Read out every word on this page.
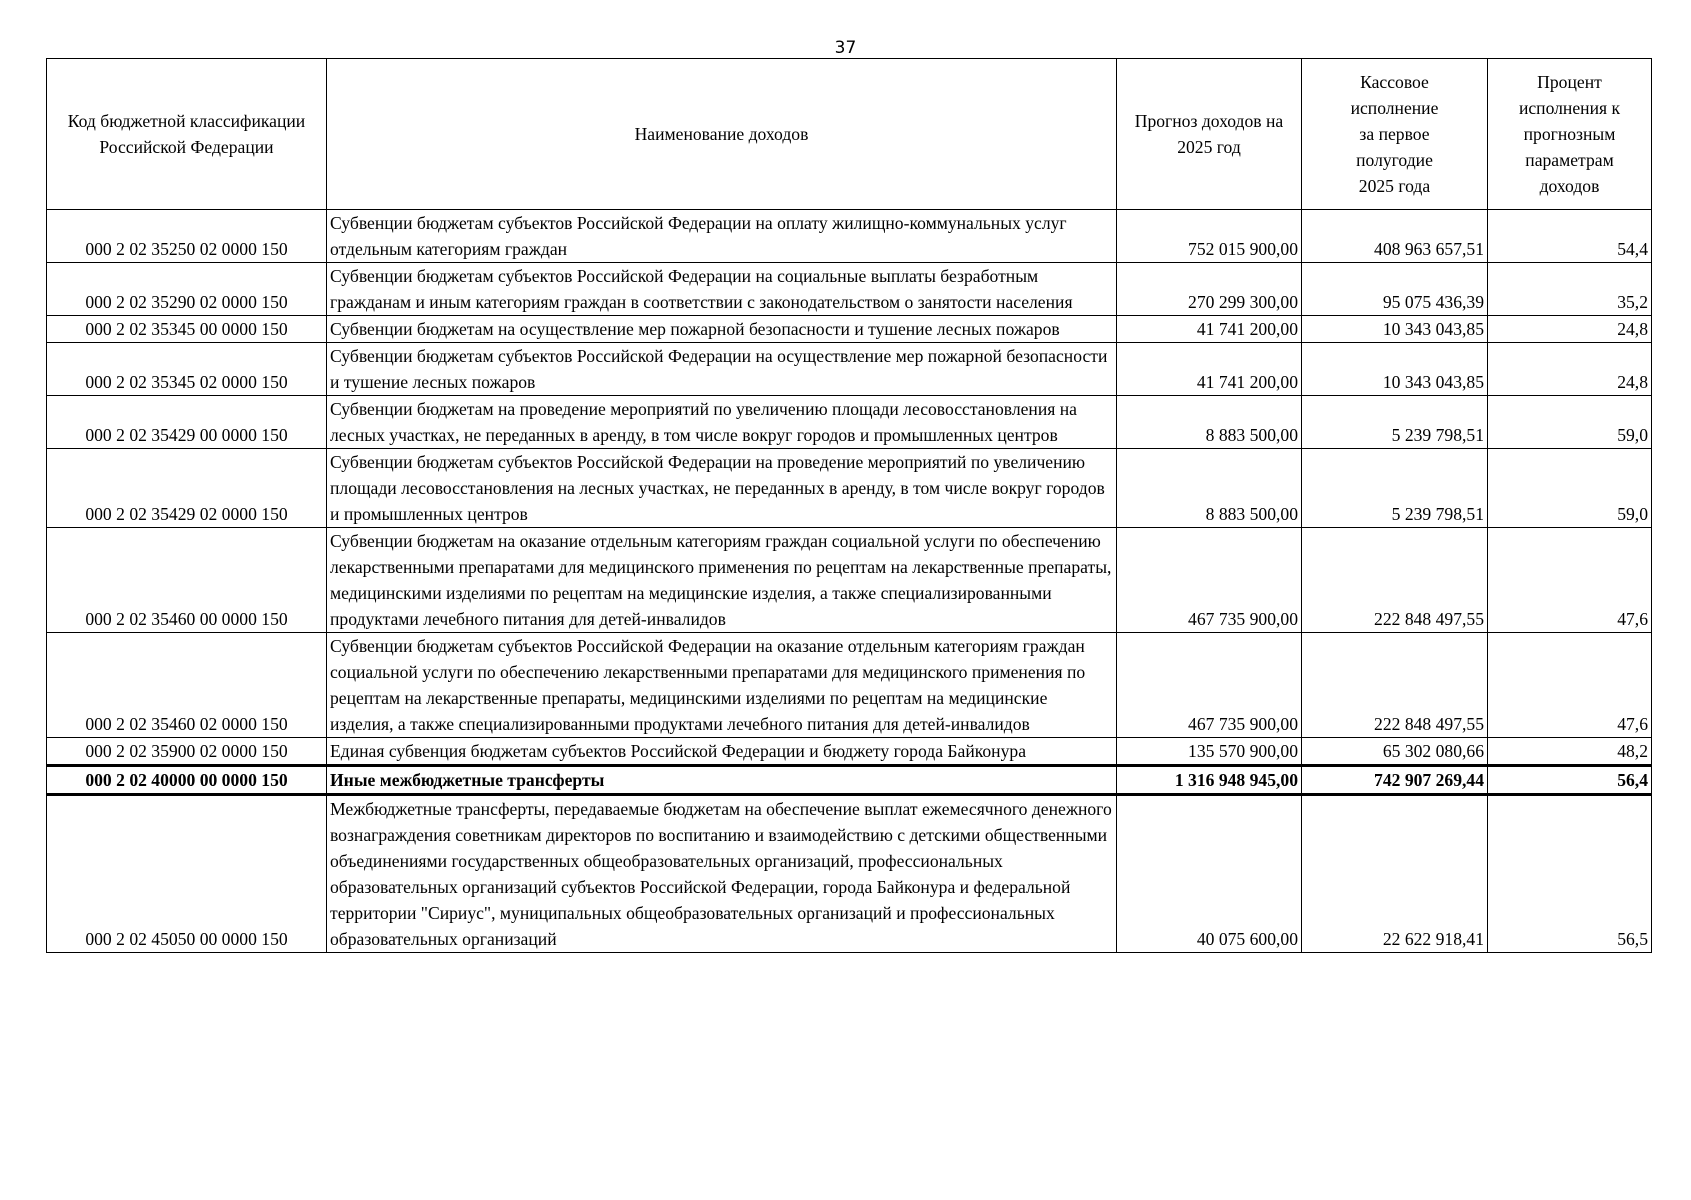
37
Код бюджетной классификации Российской Федерации	Наименование доходов	Прогноз доходов на 2025 год	Кассовое исполнение за первое полугодие 2025 года	Процент исполнения к прогнозным параметрам доходов
000 2 02 35250 02 0000 150	Субвенции бюджетам субъектов Российской Федерации на оплату жилищно-коммунальных услуг отдельным категориям граждан	752 015 900,00	408 963 657,51	54,4
000 2 02 35290 02 0000 150	Субвенции бюджетам субъектов Российской Федерации на социальные выплаты безработным гражданам и иным категориям граждан в соответствии с законодательством о занятости населения	270 299 300,00	95 075 436,39	35,2
000 2 02 35345 00 0000 150	Субвенции бюджетам на осуществление мер пожарной безопасности и тушение лесных пожаров	41 741 200,00	10 343 043,85	24,8
000 2 02 35345 02 0000 150	Субвенции бюджетам субъектов Российской Федерации на осуществление мер пожарной безопасности и тушение лесных пожаров	41 741 200,00	10 343 043,85	24,8
000 2 02 35429 00 0000 150	Субвенции бюджетам на проведение мероприятий по увеличению площади лесовосстановления на лесных участках, не переданных в аренду, в том числе вокруг городов и промышленных центров	8 883 500,00	5 239 798,51	59,0
000 2 02 35429 02 0000 150	Субвенции бюджетам субъектов Российской Федерации на проведение мероприятий по увеличению площади лесовосстановления на лесных участках, не переданных в аренду, в том числе вокруг городов и промышленных центров	8 883 500,00	5 239 798,51	59,0
000 2 02 35460 00 0000 150	Субвенции бюджетам на оказание отдельным категориям граждан социальной услуги по обеспечению лекарственными препаратами для медицинского применения по рецептам на лекарственные препараты, медицинскими изделиями по рецептам на медицинские изделия, а также специализированными продуктами лечебного питания для детей-инвалидов	467 735 900,00	222 848 497,55	47,6
000 2 02 35460 02 0000 150	Субвенции бюджетам субъектов Российской Федерации на оказание отдельным категориям граждан социальной услуги по обеспечению лекарственными препаратами для медицинского применения по рецептам на лекарственные препараты, медицинскими изделиями по рецептам на медицинские изделия, а также специализированными продуктами лечебного питания для детей-инвалидов	467 735 900,00	222 848 497,55	47,6
000 2 02 35900 02 0000 150	Единая субвенция бюджетам субъектов Российской Федерации и бюджету города Байконура	135 570 900,00	65 302 080,66	48,2
000 2 02 40000 00 0000 150	Иные межбюджетные трансферты	1 316 948 945,00	742 907 269,44	56,4
000 2 02 45050 00 0000 150	Межбюджетные трансферты, передаваемые бюджетам на обеспечение выплат ежемесячного денежного вознаграждения советникам директоров по воспитанию и взаимодействию с детскими общественными объединениями государственных общеобразовательных организаций, профессиональных образовательных организаций субъектов Российской Федерации, города Байконура и федеральной территории "Сириус", муниципальных общеобразовательных организаций и профессиональных образовательных организаций	40 075 600,00	22 622 918,41	56,5
